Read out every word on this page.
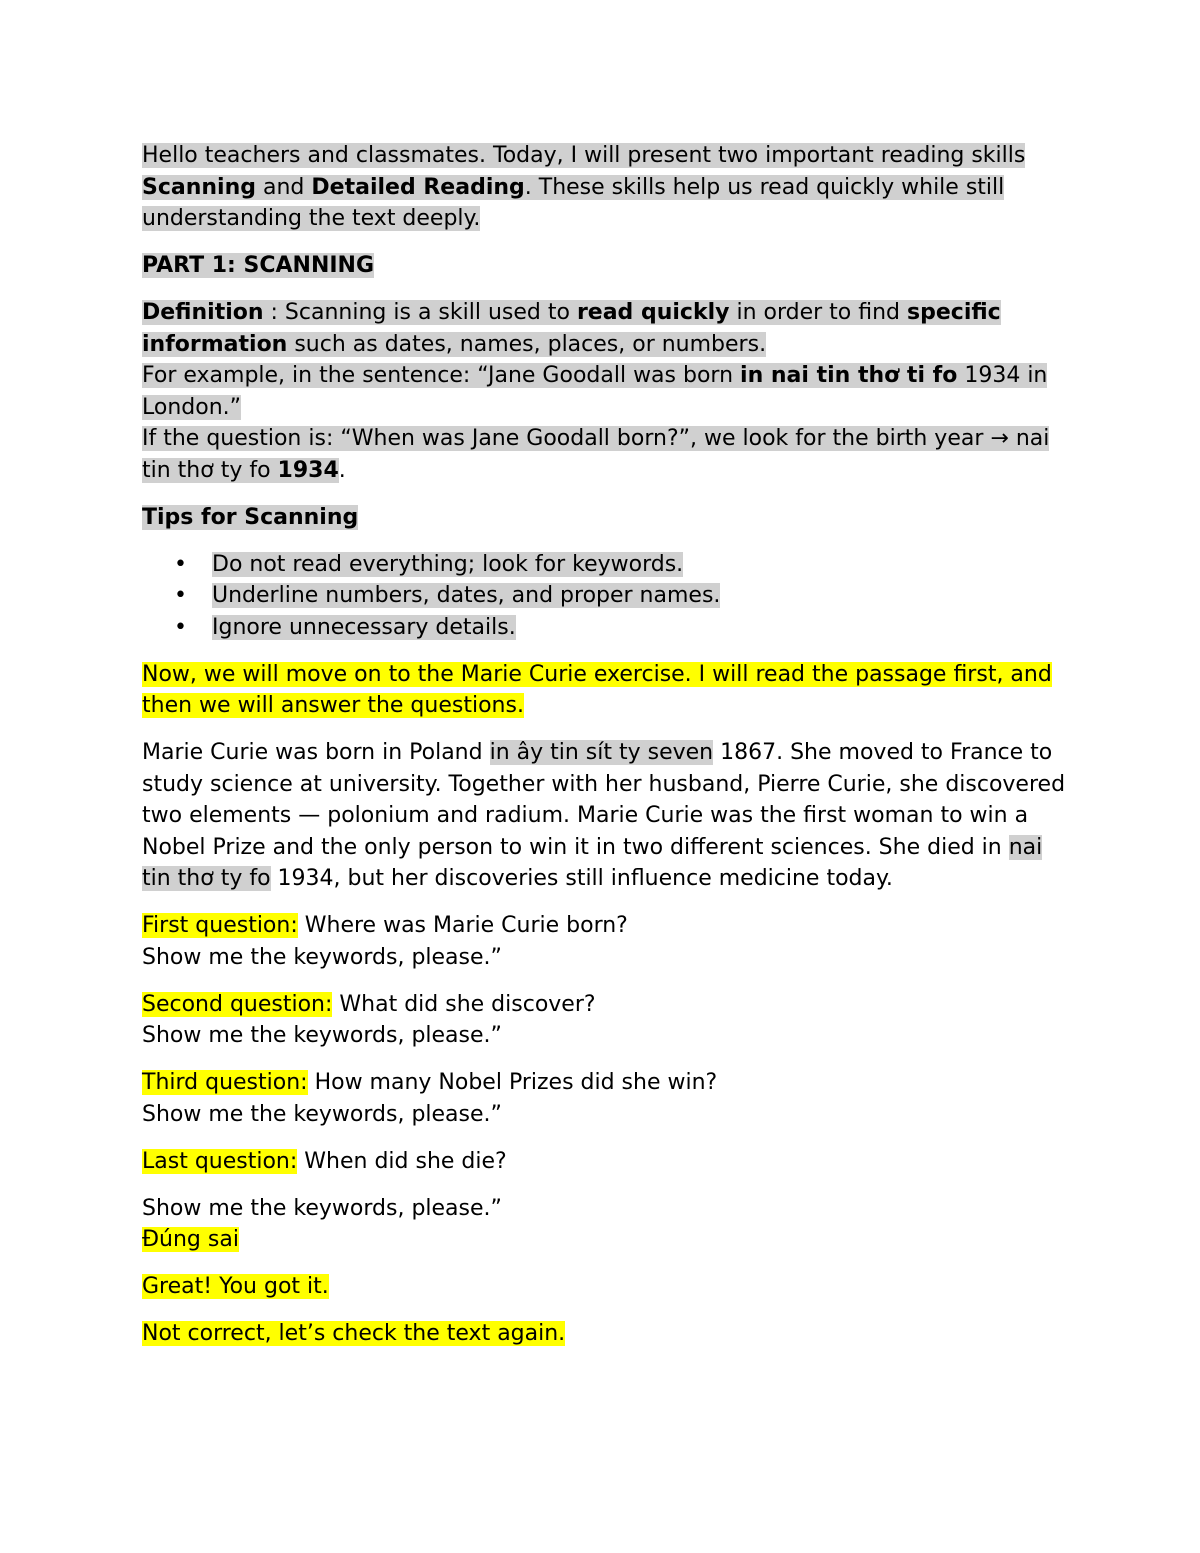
Hello teachers and classmates. Today, I will present two important reading skills Scanning and Detailed Reading. These skills help us read quickly while still understanding the text deeply.

PART 1: SCANNING

Definition : Scanning is a skill used to read quickly in order to find specific information such as dates, names, places, or numbers.
For example, in the sentence: “Jane Goodall was born in nai tin thơ ti fo 1934 in London.”
If the question is: “When was Jane Goodall born?”, we look for the birth year → nai tin thơ ty fo 1934.

Tips for Scanning

• Do not read everything; look for keywords.
• Underline numbers, dates, and proper names.
• Ignore unnecessary details.

Now, we will move on to the Marie Curie exercise. I will read the passage first, and then we will answer the questions.

Marie Curie was born in Poland in ây tin sít ty seven 1867. She moved to France to study science at university. Together with her husband, Pierre Curie, she discovered two elements — polonium and radium. Marie Curie was the first woman to win a Nobel Prize and the only person to win it in two different sciences. She died in nai tin thơ ty fo 1934, but her discoveries still influence medicine today.

First question: Where was Marie Curie born?
Show me the keywords, please.”

Second question: What did she discover?
Show me the keywords, please.”

Third question: How many Nobel Prizes did she win?
Show me the keywords, please.”

Last question: When did she die?

Show me the keywords, please.”
Đúng sai

Great! You got it.

Not correct, let’s check the text again.
